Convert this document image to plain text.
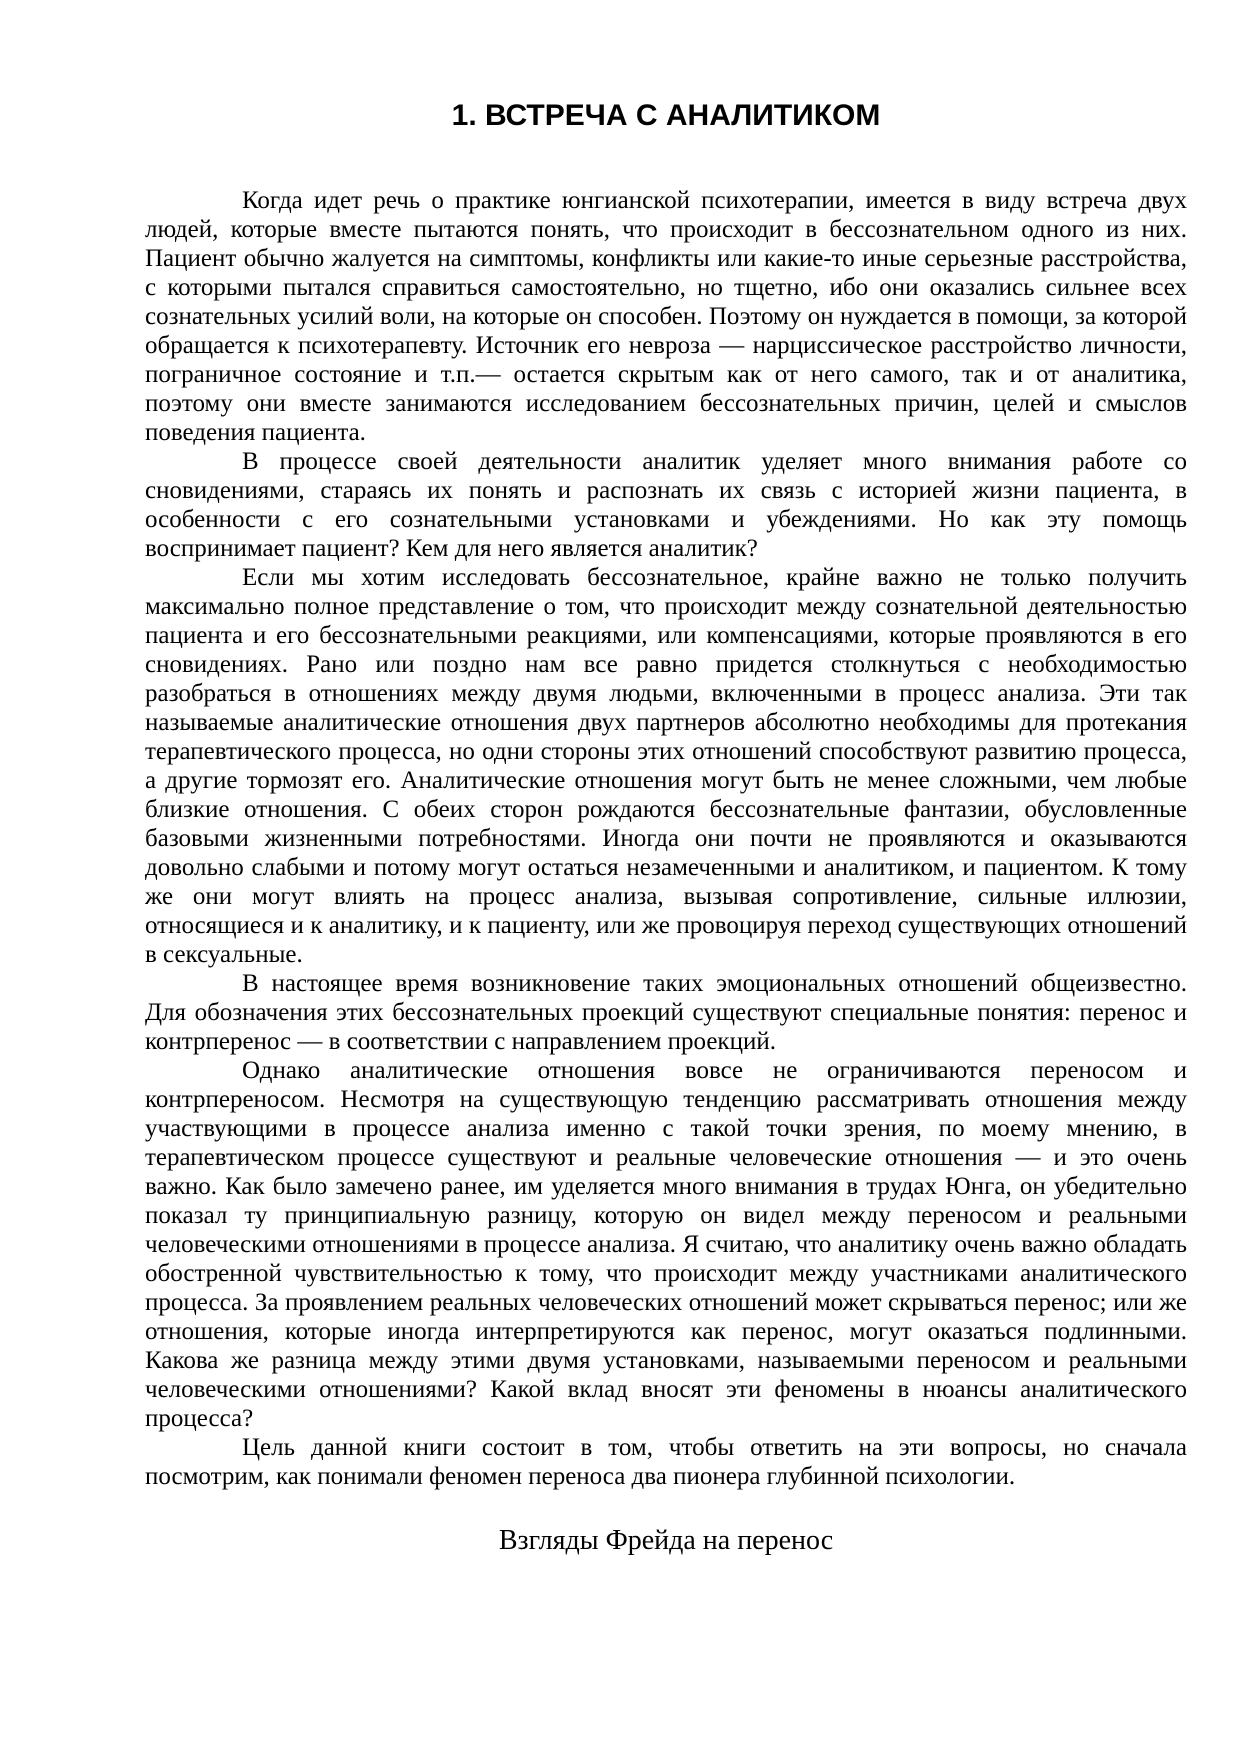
1. ВСТРЕЧА С АНАЛИТИКОМ

Когда идет речь о практике юнгианской психотерапии, имеется в виду встреча двух людей, которые вместе пытаются понять, что происходит в бессознательном одного из них. Пациент обычно жалуется на симптомы, конфликты или какие-то иные серьезные расстройства, с которыми пытался справиться самостоятельно, но тщетно, ибо они оказались сильнее всех сознательных усилий воли, на которые он способен. Поэтому он нуждается в помощи, за которой обращается к психотерапевту. Источник его невроза — нарциссическое расстройство личности, пограничное состояние и т.п.— остается скрытым как от него самого, так и от аналитика, поэтому они вместе занимаются исследованием бессознательных причин, целей и смыслов поведения пациента.

В процессе своей деятельности аналитик уделяет много внимания работе со сновидениями, стараясь их понять и распознать их связь с историей жизни пациента, в особенности с его сознательными установками и убеждениями. Но как эту помощь воспринимает пациент? Кем для него является аналитик?

Если мы хотим исследовать бессознательное, крайне важно не только получить максимально полное представление о том, что происходит между сознательной деятельностью пациента и его бессознательными реакциями, или компенсациями, которые проявляются в его сновидениях. Рано или поздно нам все равно придется столкнуться с необходимостью разобраться в отношениях между двумя людьми, включенными в процесс анализа. Эти так называемые аналитические отношения двух партнеров абсолютно необходимы для протекания терапевтического процесса, но одни стороны этих отношений способствуют развитию процесса, а другие тормозят его. Аналитические отношения могут быть не менее сложными, чем любые близкие отношения. С обеих сторон рождаются бессознательные фантазии, обусловленные базовыми жизненными потребностями. Иногда они почти не проявляются и оказываются довольно слабыми и потому могут остаться незамеченными и аналитиком, и пациентом. К тому же они могут влиять на процесс анализа, вызывая сопротивление, сильные иллюзии, относящиеся и к аналитику, и к пациенту, или же провоцируя переход существующих отношений в сексуальные.

В настоящее время возникновение таких эмоциональных отношений общеизвестно. Для обозначения этих бессознательных проекций существуют специальные понятия: перенос и контрперенос — в соответствии с направлением проекций.

Однако аналитические отношения вовсе не ограничиваются переносом и контрпереносом. Несмотря на существующую тенденцию рассматривать отношения между участвующими в процессе анализа именно с такой точки зрения, по моему мнению, в терапевтическом процессе существуют и реальные человеческие отношения — и это очень важно. Как было замечено ранее, им уделяется много внимания в трудах Юнга, он убедительно показал ту принципиальную разницу, которую он видел между переносом и реальными человеческими отношениями в процессе анализа. Я считаю, что аналитику очень важно обладать обостренной чувствительностью к тому, что происходит между участниками аналитического процесса. За проявлением реальных человеческих отношений может скрываться перенос; или же отношения, которые иногда интерпретируются как перенос, могут оказаться подлинными. Какова же разница между этими двумя установками, называемыми переносом и реальными человеческими отношениями? Какой вклад вносят эти феномены в нюансы аналитического процесса?

Цель данной книги состоит в том, чтобы ответить на эти вопросы, но сначала посмотрим, как понимали феномен переноса два пионера глубинной психологии.

Взгляды Фрейда на перенос
